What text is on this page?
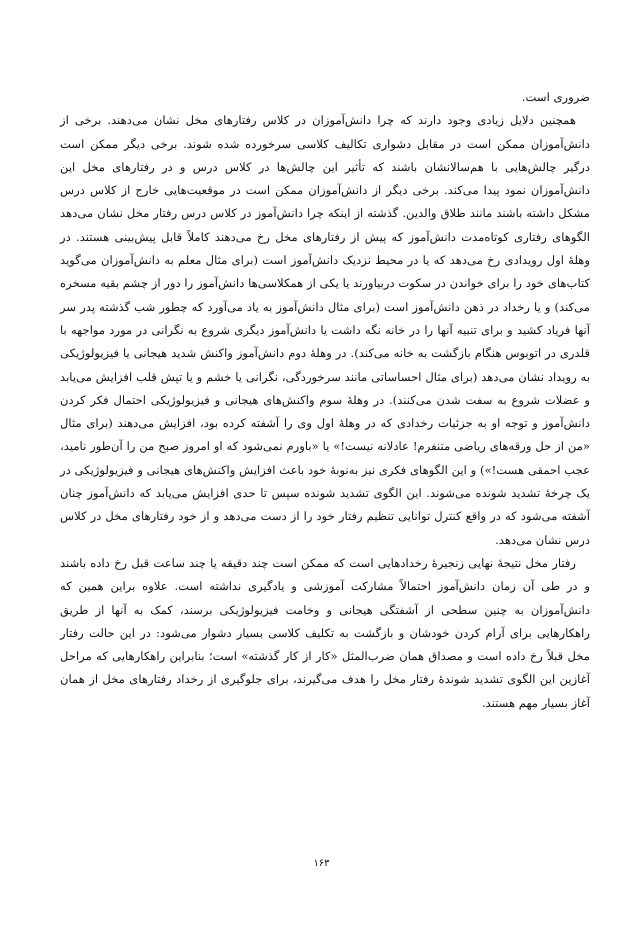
ضروری است.

همچنین دلایل زیادی وجود دارند که چرا دانش‌آموزان در کلاس رفتارهای مخل نشان می‌دهند. برخی از دانش‌آموزان ممکن است در مقابل دشواری تکالیف کلاسی سرخورده شده شوند. برخی دیگر ممکن است درگیر چالش‌هایی با هم‌سالانشان باشند که تأثیر این چالش‌ها در کلاس درس و در رفتارهای مخل این دانش‌آموزان نمود پیدا می‌کند. برخی دیگر از دانش‌آموزان ممکن است در موقعیت‌هایی خارج از کلاس درس مشکل داشته باشند مانند طلاق والدین. گذشته از اینکه چرا دانش‌آموز در کلاس درس رفتار مخل نشان می‌دهد الگوهای رفتاری کوتاه‌مدت دانش‌آموز که پیش از رفتارهای مخل رخ می‌دهند کاملاً قابل پیش‌بینی هستند. در وهلهٔ اول رویدادی رخ می‌دهد که یا در محیط نزدیک دانش‌آموز است (برای مثال معلم به دانش‌آموزان می‌گوید کتاب‌های خود را برای خواندن در سکوت دربیاورند یا یکی از همکلاسی‌ها دانش‌آموز را دور از چشم بقیه مسخره می‌کند) و یا رخداد در ذهن دانش‌آموز است (برای مثال دانش‌آموز به یاد می‌آورد که چطور شب گذشته پدر سر آنها فریاد کشید و برای تنبیه آنها را در خانه نگه داشت یا دانش‌آموز دیگری شروع به نگرانی در مورد مواجهه با قلدری در اتوبوس هنگام بازگشت به خانه می‌کند). در وهلهٔ دوم دانش‌آموز واکنش شدید هیجانی یا فیزیولوژیکی به رویداد نشان می‌دهد (برای مثال احساساتی مانند سرخوردگی، نگرانی یا خشم و یا تپش قلب افزایش می‌یابد و عضلات شروع به سفت شدن می‌کنند). در وهلهٔ سوم واکنش‌های هیجانی و فیزیولوژیکی احتمال فکر کردن دانش‌آموز و توجه او به جزئیات رخدادی که در وهلهٔ اول وی را آشفته کرده بود، افزایش می‌دهند (برای مثال «من از حل ورقه‌های ریاضی متنفرم! عادلانه نیست!» یا «باورم نمی‌شود که او امروز صبح من را آن‌طور نامید، عجب احمقی هست!») و این الگوهای فکری نیز به‌نوبهٔ خود باعث افزایش واکنش‌های هیجانی و فیزیولوژیکی در یک چرخهٔ تشدید شونده می‌شوند. این الگوی تشدید شونده سپس تا حدی افزایش می‌یابد که دانش‌آموز چنان آشفته می‌شود که در واقع کنترل توانایی تنظیم رفتار خود را از دست می‌دهد و از خود رفتارهای مخل در کلاس درس نشان می‌دهد.

رفتار مخل نتیجهٔ نهایی زنجیرهٔ رخدادهایی است که ممکن است چند دقیقه یا چند ساعت قبل رخ داده باشند و در طی آن زمان دانش‌آموز احتمالاً مشارکت آموزشی و یادگیری نداشته است. علاوه براین همین که دانش‌آموزان به چنین سطحی از آشفتگی هیجانی و وخامت فیزیولوژیکی برسند، کمک به آنها از طریق راهکارهایی برای آرام کردن خودشان و بازگشت به تکلیف کلاسی بسیار دشوار می‌شود: در این حالت رفتار مخل قبلاً رخ داده است و مصداق همان ضرب‌المثل «کار از کار گذشته» است؛ بنابراین راهکارهایی که مراحل آغازین این الگوی تشدید شوندهٔ رفتار مخل را هدف می‌گیرند، برای جلوگیری از رخداد رفتارهای مخل از همان آغاز بسیار مهم هستند.

۱۶۳
